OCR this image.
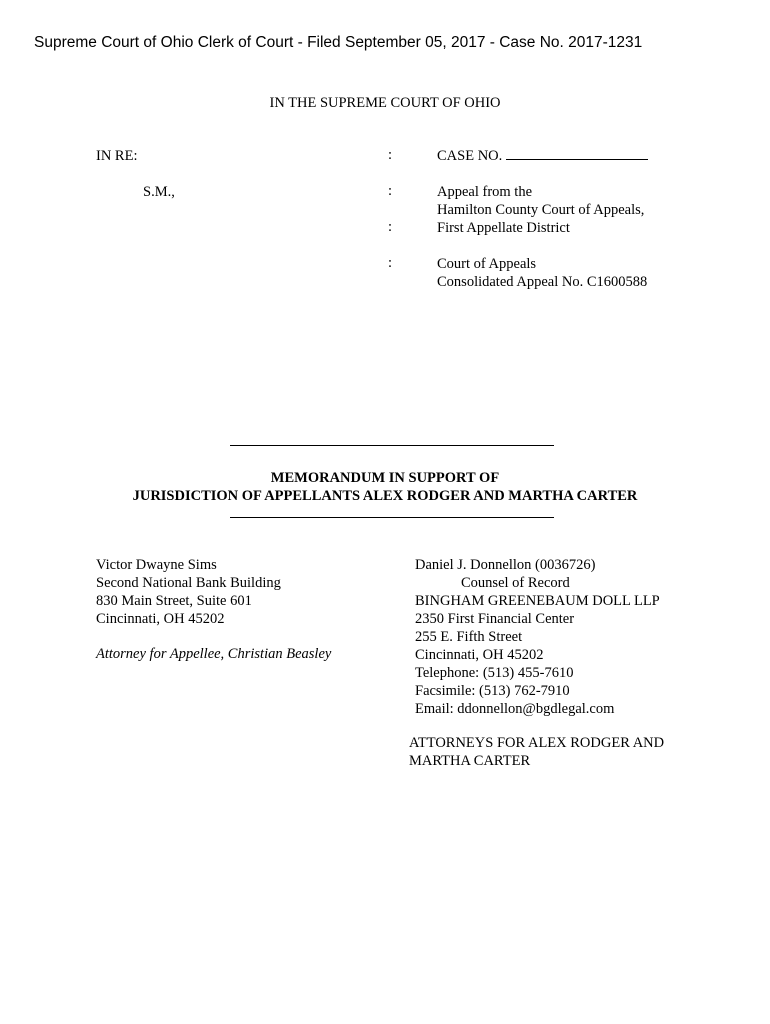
Supreme Court of Ohio Clerk of Court - Filed September 05, 2017 - Case No. 2017-1231
IN THE SUPREME COURT OF OHIO
IN RE:
S.M.,
:
:
:
:
CASE NO.
Appeal from the
Hamilton County Court of Appeals,
First Appellate District
Court of Appeals
Consolidated Appeal No. C1600588
MEMORANDUM IN SUPPORT OF
JURISDICTION OF APPELLANTS ALEX RODGER AND MARTHA CARTER
Victor Dwayne Sims
Second National Bank Building
830 Main Street, Suite 601
Cincinnati, OH 45202
Attorney for Appellee, Christian Beasley
Daniel J. Donnellon (0036726)
Counsel of Record
BINGHAM GREENEBAUM DOLL LLP
2350 First Financial Center
255 E. Fifth Street
Cincinnati, OH 45202
Telephone: (513) 455-7610
Facsimile: (513) 762-7910
Email: ddonnellon@bgdlegal.com
ATTORNEYS FOR ALEX RODGER AND
MARTHA CARTER
